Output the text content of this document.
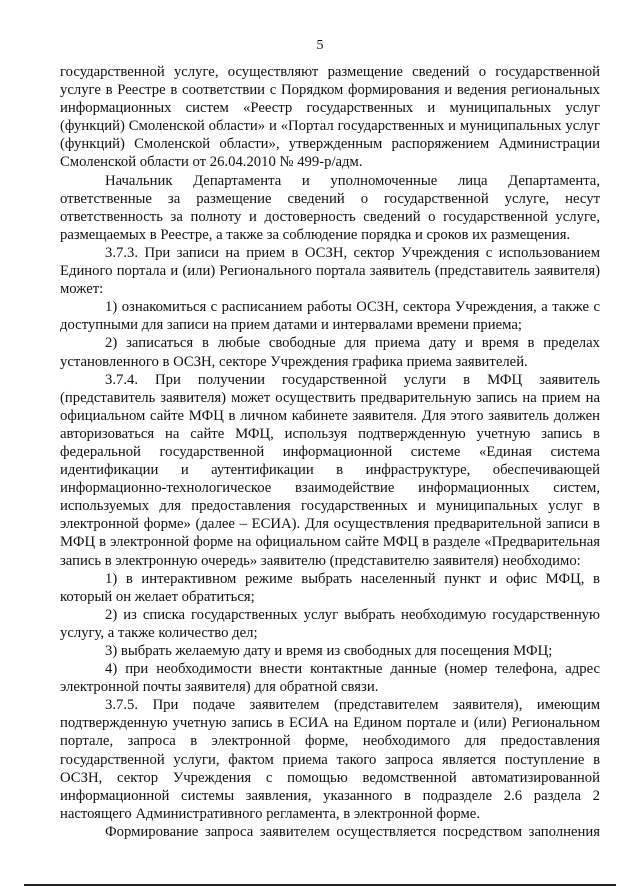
5

государственной услуге, осуществляют размещение сведений о государственной услуге в Реестре в соответствии с Порядком формирования и ведения региональных информационных систем «Реестр государственных и муниципальных услуг (функций) Смоленской области» и «Портал государственных и муниципальных услуг (функций) Смоленской области», утвержденным распоряжением Администрации Смоленской области от 26.04.2010 № 499-р/адм.

Начальник Департамента и уполномоченные лица Департамента, ответственные за размещение сведений о государственной услуге, несут ответственность за полноту и достоверность сведений о государственной услуге, размещаемых в Реестре, а также за соблюдение порядка и сроков их размещения.

3.7.3. При записи на прием в ОСЗН, сектор Учреждения с использованием Единого портала и (или) Регионального портала заявитель (представитель заявителя) может:

1) ознакомиться с расписанием работы ОСЗН, сектора Учреждения, а также с доступными для записи на прием датами и интервалами времени приема;

2) записаться в любые свободные для приема дату и время в пределах установленного в ОСЗН, секторе Учреждения графика приема заявителей.

3.7.4. При получении государственной услуги в МФЦ заявитель (представитель заявителя) может осуществить предварительную запись на прием на официальном сайте МФЦ в личном кабинете заявителя. Для этого заявитель должен авторизоваться на сайте МФЦ, используя подтвержденную учетную запись в федеральной государственной информационной системе «Единая система идентификации и аутентификации в инфраструктуре, обеспечивающей информационно-технологическое взаимодействие информационных систем, используемых для предоставления государственных и муниципальных услуг в электронной форме» (далее – ЕСИА). Для осуществления предварительной записи в МФЦ в электронной форме на официальном сайте МФЦ в разделе «Предварительная запись в электронную очередь» заявителю (представителю заявителя) необходимо:

1) в интерактивном режиме выбрать населенный пункт и офис МФЦ, в который он желает обратиться;

2) из списка государственных услуг выбрать необходимую государственную услугу, а также количество дел;

3) выбрать желаемую дату и время из свободных для посещения МФЦ;

4) при необходимости внести контактные данные (номер телефона, адрес электронной почты заявителя) для обратной связи.

3.7.5. При подаче заявителем (представителем заявителя), имеющим подтвержденную учетную запись в ЕСИА на Едином портале и (или) Региональном портале, запроса в электронной форме, необходимого для предоставления государственной услуги, фактом приема такого запроса является поступление в ОСЗН, сектор Учреждения с помощью ведомственной автоматизированной информационной системы заявления, указанного в подразделе 2.6 раздела 2 настоящего Административного регламента, в электронной форме.

Формирование запроса заявителем осуществляется посредством заполнения
